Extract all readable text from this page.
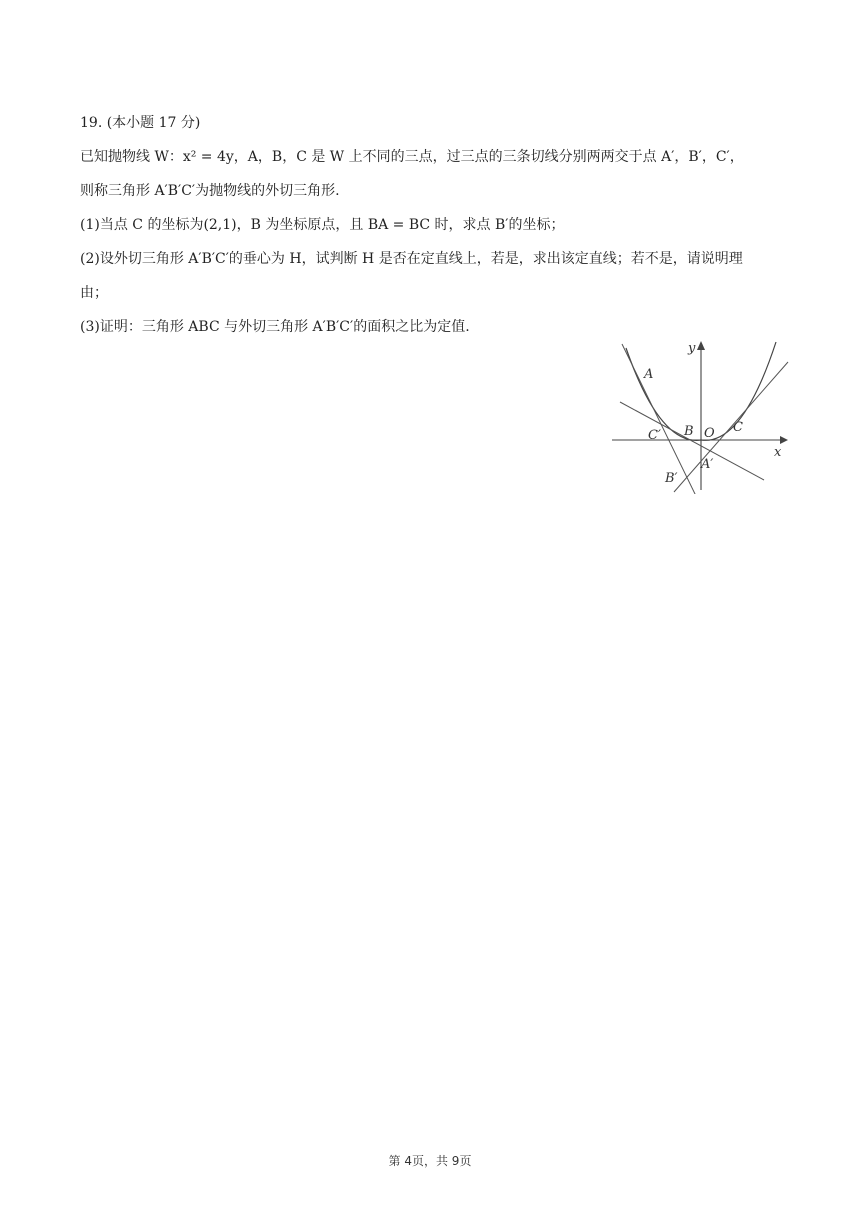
19. (本小题 17 分)
已知抛物线 W：x² = 4y，A，B，C 是 W 上不同的三点，过三点的三条切线分别两两交于点 A′，B′，C′，
则称三角形 A′B′C′为抛物线的外切三角形.
(1)当点 C 的坐标为(2,1)，B 为坐标原点，且 BA = BC 时，求点 B′的坐标；
(2)设外切三角形 A′B′C′的垂心为 H，试判断 H 是否在定直线上，若是，求出该定直线；若不是，请说明理
由；
(3)证明：三角形 ABC 与外切三角形 A′B′C′的面积之比为定值.
y
x
A
C′ B O C
A′
B′
第 4页，共 9页
